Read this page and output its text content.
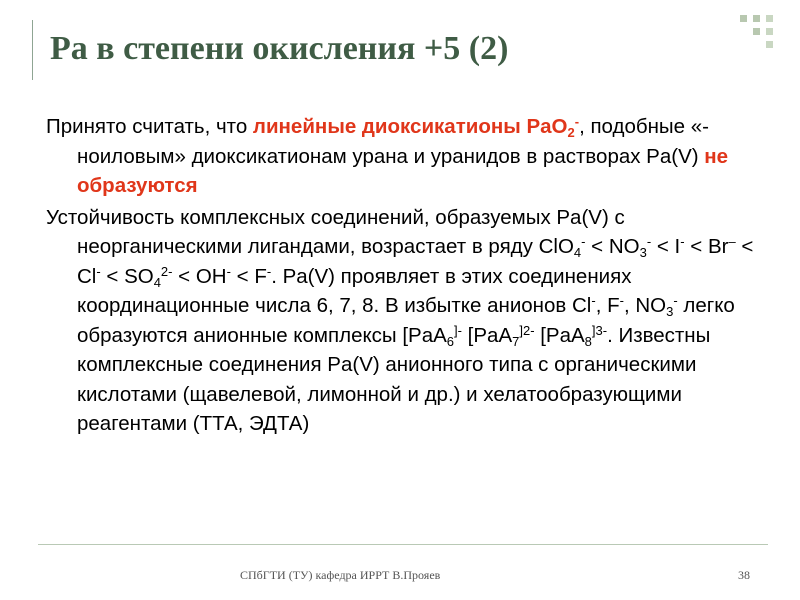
Pa в степени окисления +5 (2)

Принято считать, что линейные диоксикатионы PaO$_2$-, подобные «-ноиловым» диоксикатионам урана и уранидов в растворах Pa(V) не образуются

Устойчивость комплексных соединений, образуемых Pa(V) с неорганическими лигандами, возрастает в ряду $ClO_4^- < NO_3^- < I^- < Br^- < Cl^- < SO_4^{2-} < OH^- < F^-$. Pa(V) проявляет в этих соединениях координационные числа 6, 7, 8. В избытке анионов Cl-, F-, $NO_3^-$ легко образуются анионные комплексы [PaA$_6$]- [PaA$_7^{]2-}$ [PaA$_8^{]3-}$. Известны комплексные соединения Pa(V) анионного типа с органическими кислотами (щавелевой, лимонной и др.) и хелатообразующими реагентами (ТТА, ЭДТА)

СПбГТИ (ТУ) кафедра ИРРТ В.Прояев	38
